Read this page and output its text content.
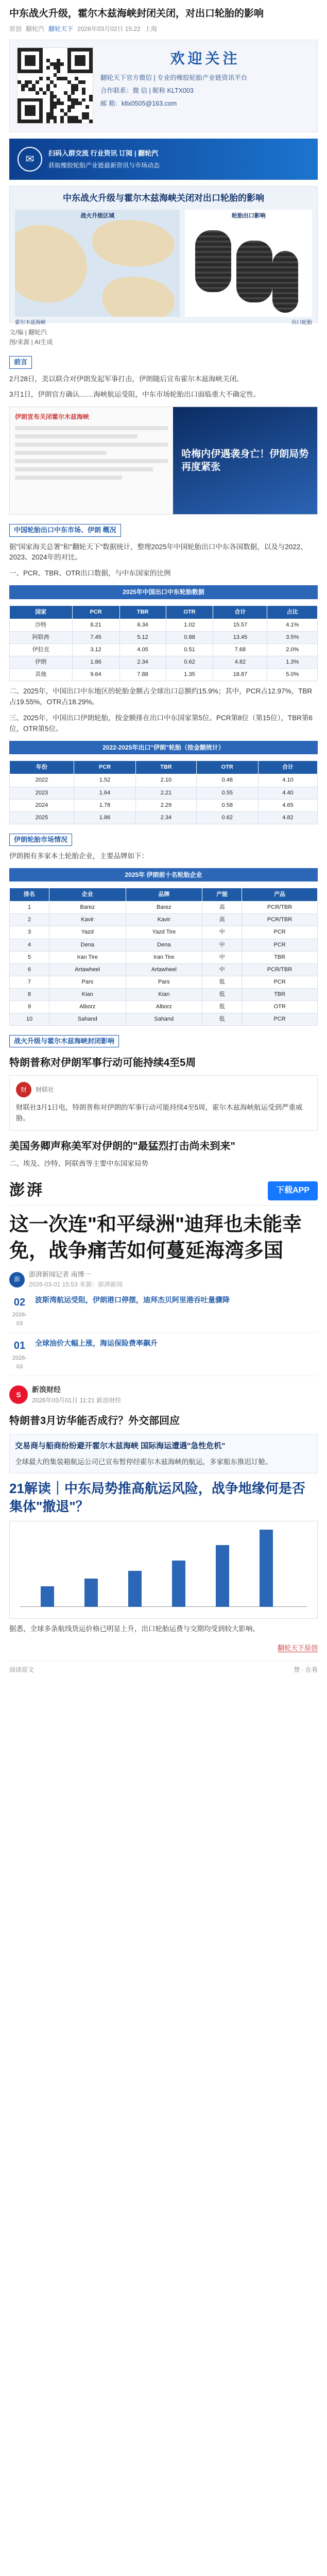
中东战火升级，霍尔木兹海峡封闭关闭，对出口轮胎的影响
原创 翻轮汽 翻轮天下 2026年03月02日 15:22 上海
欢迎关注
翻轮天下官方微信 | 专业的橡胶轮胎产业链资讯平台
合作联系：微 信 | 昵称 KLTX003
邮 箱：kltx0505@163.com
✉
扫码入群交流 行业资讯 订阅 | 翻轮汽
获取橡胶轮胎产业链最新资讯与市场动态
中东战火升级与霍尔木兹海峡关闭对出口轮胎的影响
战火升级区域	轮胎出口影响
霍尔木兹海峡	出口轮胎
文/编 | 翻轮汽
图/来源 | AI生成
前言

2月28日，美以联合对伊朗发起军事打击，伊朗随后宣布霍尔木兹海峡关闭。

3月1日，伊朗官方确认……海峡航运受阻，中东市场轮胎出口面临重大不确定性。

伊朗宣布关闭霍尔木兹海峡
哈梅内伊遇袭身亡！伊朗局势再度紧张
中国轮胎出口中东市场、伊朗 概况

据"国家海关总署"和"翻轮天下"数据统计，整理2025年中国轮胎出口中东各国数据，以及与2022、2023、2024年的对比。

一、PCR、TBR、OTR出口数据，与中东国家的比例

2025年中国出口中东轮胎数据
国家	PCR	TBR	OTR	合计	占比
沙特	8.21	6.34	1.02	15.57	4.1%
阿联酋	7.45	5.12	0.88	13.45	3.5%
伊拉克	3.12	4.05	0.51	7.68	2.0%
伊朗	1.86	2.34	0.62	4.82	1.3%
其他	9.64	7.88	1.35	18.87	5.0%

二、2025年，中国出口中东地区的轮胎金额占全球出口总额约15.9%；其中，PCR占12.97%，TBR占19.55%，OTR占18.29%。

三、2025年，中国出口伊朗轮胎，按金额排在出口中东国家第5位。PCR第8位（第15位），TBR第6位，OTR第5位。

2022-2025年出口"伊朗"轮胎（按金额统计）
年份	PCR	TBR	OTR	合计
2022	1.52	2.10	0.48	4.10
2023	1.64	2.21	0.55	4.40
2024	1.78	2.29	0.58	4.65
2025	1.86	2.34	0.62	4.82
伊朗轮胎市场情况

伊朗拥有多家本土轮胎企业，主要品牌如下：

2025年 伊朗前十名轮胎企业
排名	企业	品牌	产能	产品
1	Barez	Barez	高	PCR/TBR
2	Kavir	Kavir	高	PCR/TBR
3	Yazd	Yazd Tire	中	PCR
4	Dena	Dena	中	PCR
5	Iran Tire	Iran Tire	中	TBR
6	Artawheel	Artawheel	中	PCR/TBR
7	Pars	Pars	低	PCR
8	Kian	Kian	低	TBR
9	Alborz	Alborz	低	OTR
10	Sahand	Sahand	低	PCR
战火升级与霍尔木兹海峡封闭影响
特朗普称对伊朗军事行动可能持续4至5周
财	财联社

财联社3月1日电，特朗普称对伊朗的军事行动可能持续4至5周，霍尔木兹海峡航运受到严重威胁。

美国务卿声称美军对伊朗的"最猛烈打击尚未到来"

二、埃及、沙特、阿联酋等主要中东国家局势

澎湃	下载APP
这一次连"和平绿洲"迪拜也未能幸免，战争痛苦如何蔓延海湾多国
澎
澎湃新闻记者 南博一
2026-03-01 15:53 来源：澎湃新闻
02
2026-03
波斯湾航运受阻，伊朗港口停摆，迪拜杰贝阿里港吞吐量骤降
01
2026-03
全球油价大幅上涨，海运保险费率飙升
S
新浪财经
2026年03月01日 11:21 新浪财经
特朗普3月访华能否成行？外交部回应
交易商与船商纷纷避开霍尔木兹海峡 国际海运遭遇"急性危机"

全球最大的集装箱航运公司已宣布暂停经霍尔木兹海峡的航运，多家船东推迟订舱。

21解读｜中东局势推高航运风险，战争地缘何是否集体"撤退"？

据悉，全球多条航线货运价格已明显上升，出口轮胎运费与交期均受到较大影响。

翻轮天下原创
阅读原文	赞 · 在看
